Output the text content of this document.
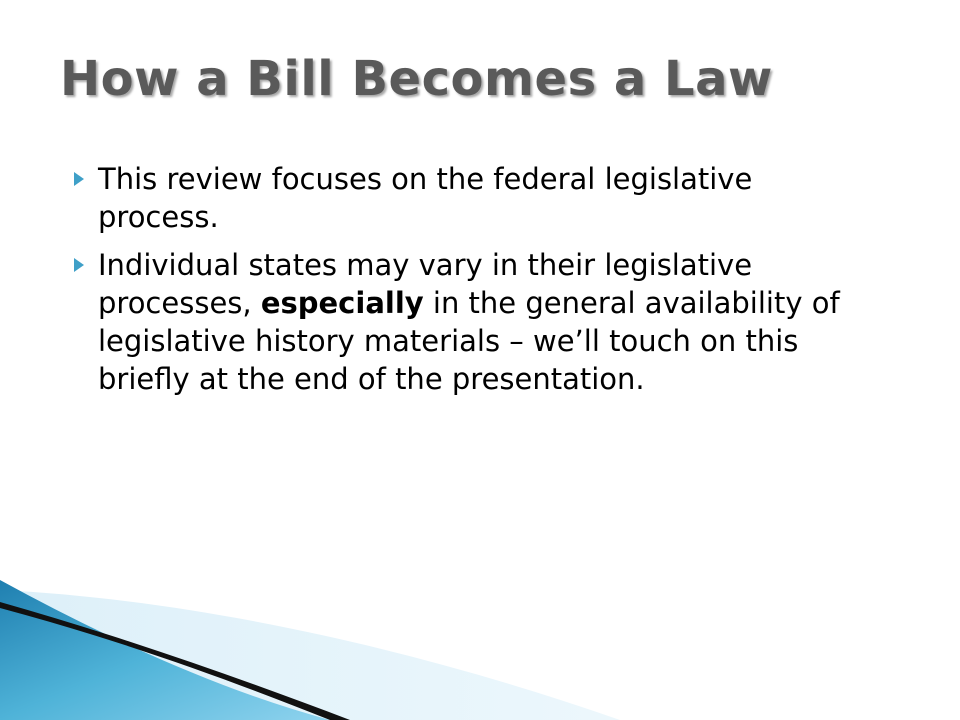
How a Bill Becomes a Law
This review focuses on the federal legislative process.
Individual states may vary in their legislative processes, especially in the general availability of legislative history materials – we’ll touch on this briefly at the end of the presentation.
